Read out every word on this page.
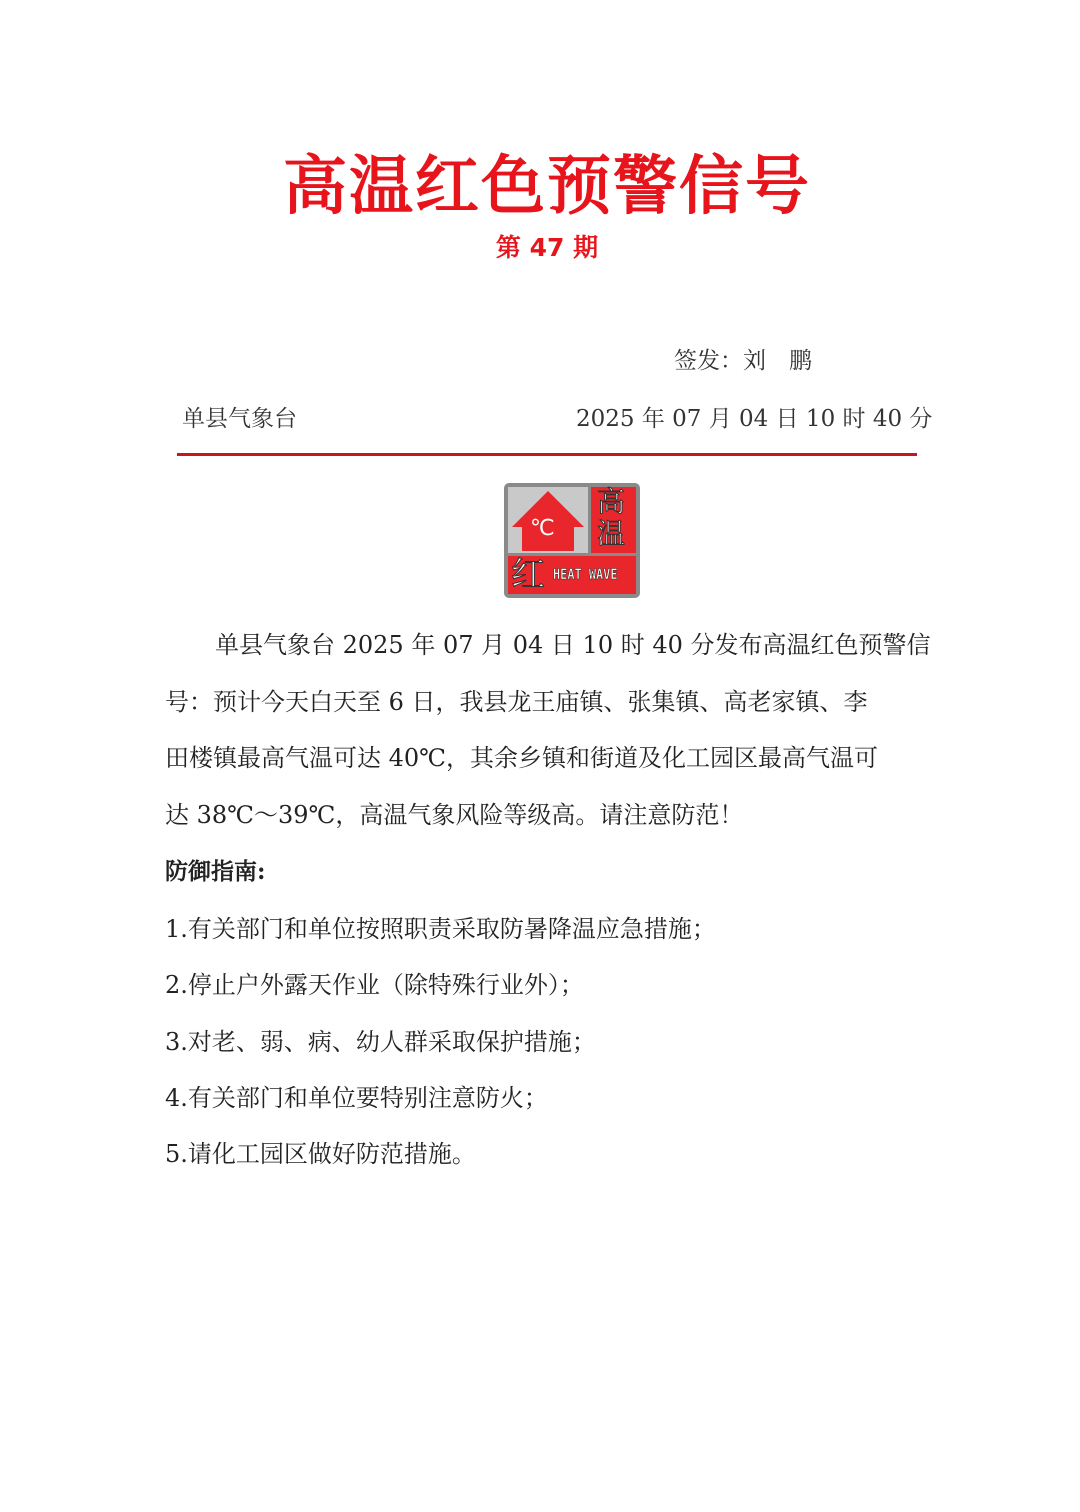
高温红色预警信号
第 47 期
签发：刘　鹏
单县气象台	2025 年 07 月 04 日 10 时 40 分
℃
高
温
红 HEAT WAVE
单县气象台 2025 年 07 月 04 日 10 时 40 分发布高温红色预警信
号：预计今天白天至 6 日，我县龙王庙镇、张集镇、高老家镇、李
田楼镇最高气温可达 40℃，其余乡镇和街道及化工园区最高气温可
达 38℃～39℃，高温气象风险等级高。请注意防范！
防御指南:
1.有关部门和单位按照职责采取防暑降温应急措施；
2.停止户外露天作业（除特殊行业外）；
3.对老、弱、病、幼人群采取保护措施；
4.有关部门和单位要特别注意防火；
5.请化工园区做好防范措施。
